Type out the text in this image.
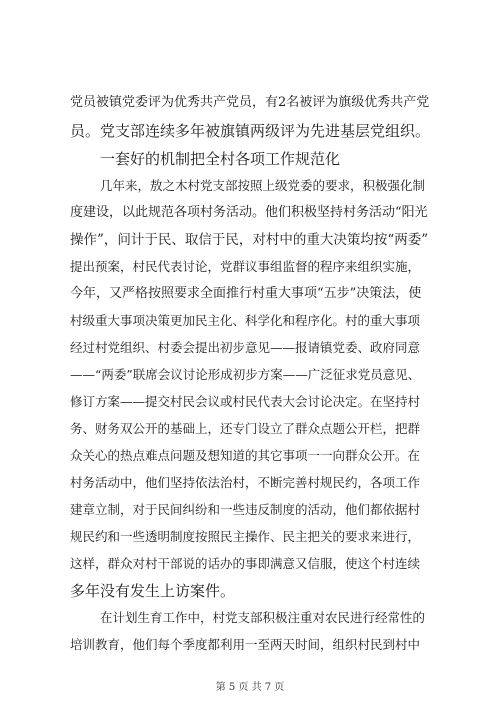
党员被镇党委评为优秀共产党员，有2名被评为旗级优秀共产党
员。党支部连续多年被旗镇两级评为先进基层党组织。
一套好的机制把全村各项工作规范化
几年来，敖之木村党支部按照上级党委的要求，积极强化制
度建设，以此规范各项村务活动。他们积极坚持村务活动“阳光
操作”，问计于民、取信于民，对村中的重大决策均按“两委”
提出预案，村民代表讨论，党群议事组监督的程序来组织实施，
今年，又严格按照要求全面推行村重大事项“五步”决策法，使
村级重大事项决策更加民主化、科学化和程序化。村的重大事项
经过村党组织、村委会提出初步意见——报请镇党委、政府同意
——“两委”联席会议讨论形成初步方案——广泛征求党员意见、
修订方案——提交村民会议或村民代表大会讨论决定。在坚持村
务、财务双公开的基础上，还专门设立了群众点题公开栏，把群
众关心的热点难点问题及想知道的其它事项一一向群众公开。在
村务活动中，他们坚持依法治村，不断完善村规民约，各项工作
建章立制，对于民间纠纷和一些违反制度的活动，他们都依据村
规民约和一些透明制度按照民主操作、民主把关的要求来进行，
这样，群众对村干部说的话办的事即满意又信服，使这个村连续
多年没有发生上访案件。
在计划生育工作中，村党支部积极注重对农民进行经常性的
培训教育，他们每个季度都利用一至两天时间，组织村民到村中
第 5 页 共 7 页
